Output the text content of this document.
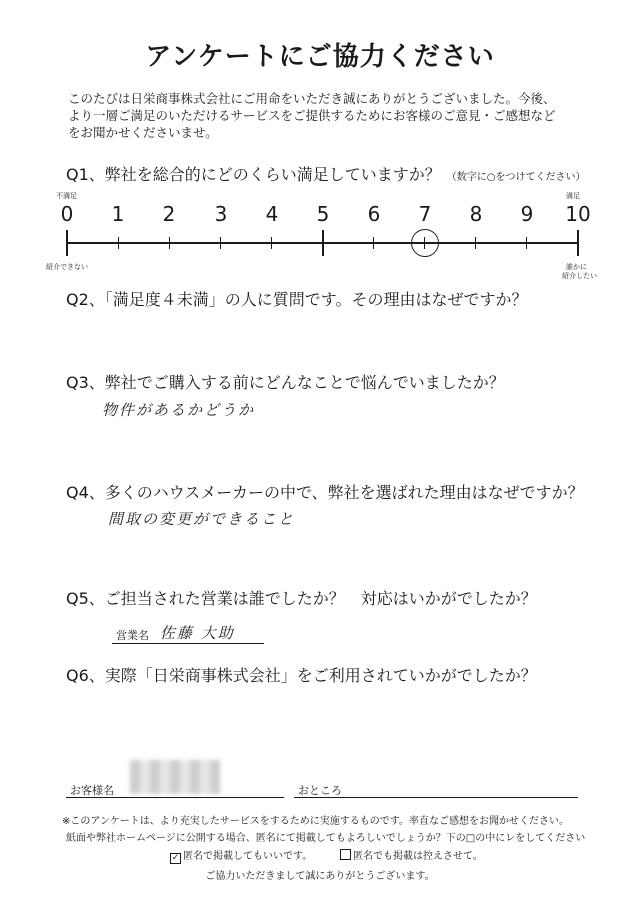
アンケートにご協力ください
このたびは日栄商事株式会社にご用命をいただき誠にありがとうございました。今後、
より一層ご満足のいただけるサービスをご提供するためにお客様のご意見・ご感想など
をお聞かせくださいませ。
Q1、弊社を総合的にどのくらい満足していますか？ （数字に○をつけてください）
不満足	満足
0	1	2	3	4	5	6	7	8	9	10
紹介できない	誰かに
紹介したい
Q2、「満足度４未満」の人に質問です。その理由はなぜですか？
Q3、弊社でご購入する前にどんなことで悩んでいましたか？
物件があるかどうか
Q4、多くのハウスメーカーの中で、弊社を選ばれた理由はなぜですか？
間取の変更ができること
Q5、ご担当された営業は誰でしたか？　対応はいかがでしたか？
営業名 佐藤 大助
Q6、実際「日栄商事株式会社」をご利用されていかがでしたか？
お客様名	おところ
※このアンケートは、より充実したサービスをするために実施するものです。率直なご感想をお聞かせください。
紙面や弊社ホームページに公開する場合、匿名にて掲載してもよろしいでしょうか？下の□の中にレをしてください
✓ 匿名で掲載してもいいです。	匿名でも掲載は控えさせて。
ご協力いただきまして誠にありがとうございます。
